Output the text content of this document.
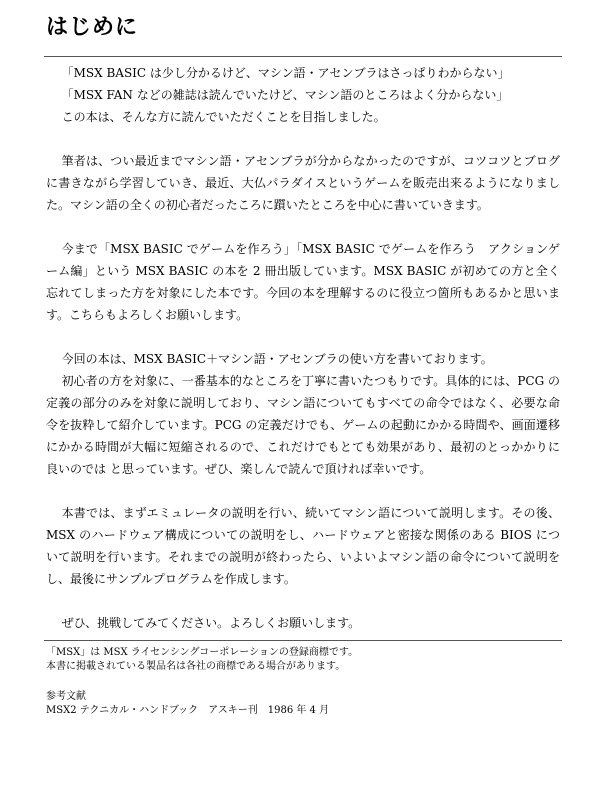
はじめに

「MSX BASIC は少し分かるけど、マシン語・アセンブラはさっぱりわからない」

「MSX FAN などの雑誌は読んでいたけど、マシン語のところはよく分からない」

この本は、そんな方に読んでいただくことを目指しました。

筆者は、つい最近までマシン語・アセンブラが分からなかったのですが、コツコツとブログに書きながら学習していき、最近、大仏パラダイスというゲームを販売出来るようになりました。マシン語の全くの初心者だったころに躓いたところを中心に書いていきます。

今まで「MSX BASIC でゲームを作ろう」「MSX BASIC でゲームを作ろう　アクションゲーム編」という MSX BASIC の本を 2 冊出版しています。MSX BASIC が初めての方と全く忘れてしまった方を対象にした本です。今回の本を理解するのに役立つ箇所もあるかと思います。こちらもよろしくお願いします。

今回の本は、MSX BASIC＋マシン語・アセンブラの使い方を書いております。

初心者の方を対象に、一番基本的なところを丁寧に書いたつもりです。具体的には、PCG の定義の部分のみを対象に説明しており、マシン語についてもすべての命令ではなく、必要な命令を抜粋して紹介しています。PCG の定義だけでも、ゲームの起動にかかる時間や、画面遷移にかかる時間が大幅に短縮されるので、これだけでもとても効果があり、最初のとっかかりに良いのでは と思っています。ぜひ、楽しんで読んで頂ければ幸いです。

本書では、まずエミュレータの説明を行い、続いてマシン語について説明します。その後、MSX のハードウェア構成についての説明をし、ハードウェアと密接な関係のある BIOS について説明を行います。それまでの説明が終わったら、いよいよマシン語の命令について説明をし、最後にサンプルプログラムを作成します。

ぜひ、挑戦してみてください。よろしくお願いします。

「MSX」は MSX ライセンシングコーポレーションの登録商標です。
本書に掲載されている製品名は各社の商標である場合があります。
参考文献
MSX2 テクニカル・ハンドブック　アスキー刊　1986 年 4 月
